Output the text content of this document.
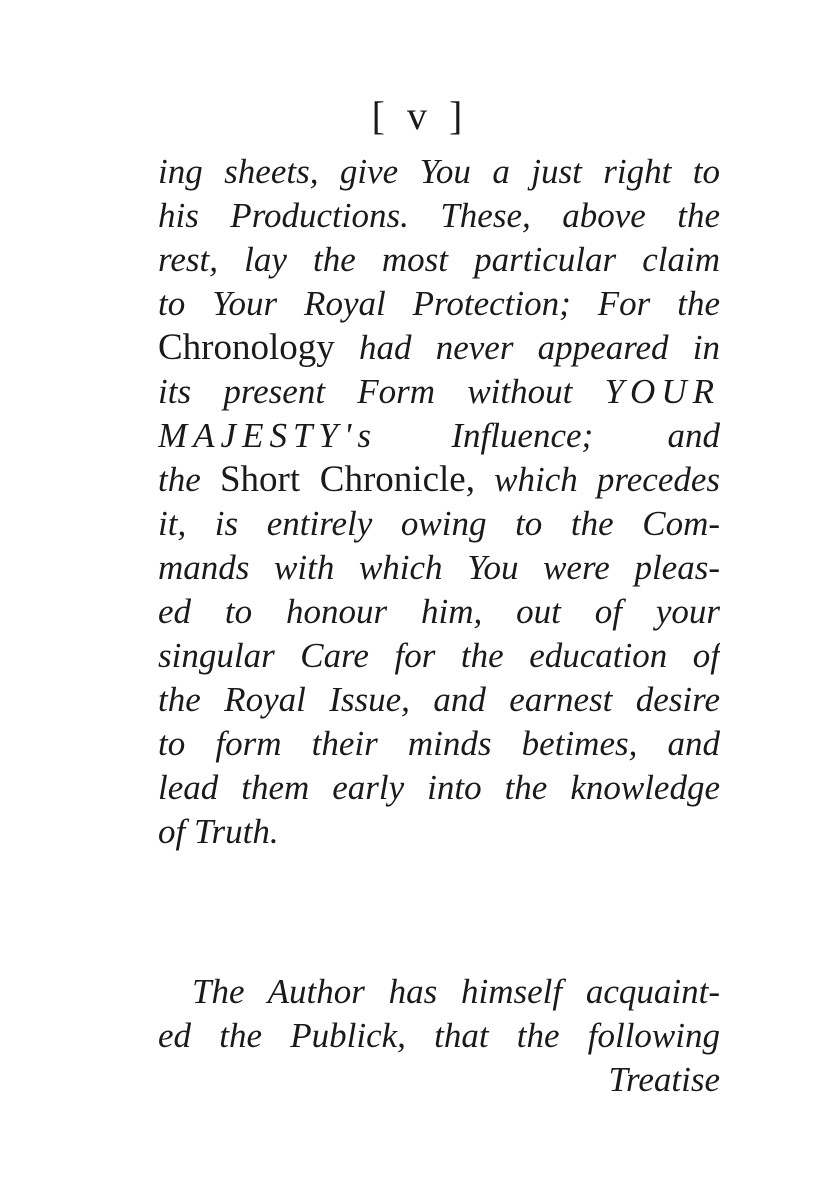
[ v ]
ing sheets, give You a just right to
his Productions. These, above the
rest, lay the most particular claim
to Your Royal Protection; For the
Chronology had never appeared in
its present Form without YOUR
MAJESTY's Influence; and
the Short Chronicle, which precedes
it, is entirely owing to the Com-
mands with which You were pleas-
ed to honour him, out of your
singular Care for the education of
the Royal Issue, and earnest desire
to form their minds betimes, and
lead them early into the knowledge
of Truth.
The Author has himself acquaint-
ed the Publick, that the following
Treatise
